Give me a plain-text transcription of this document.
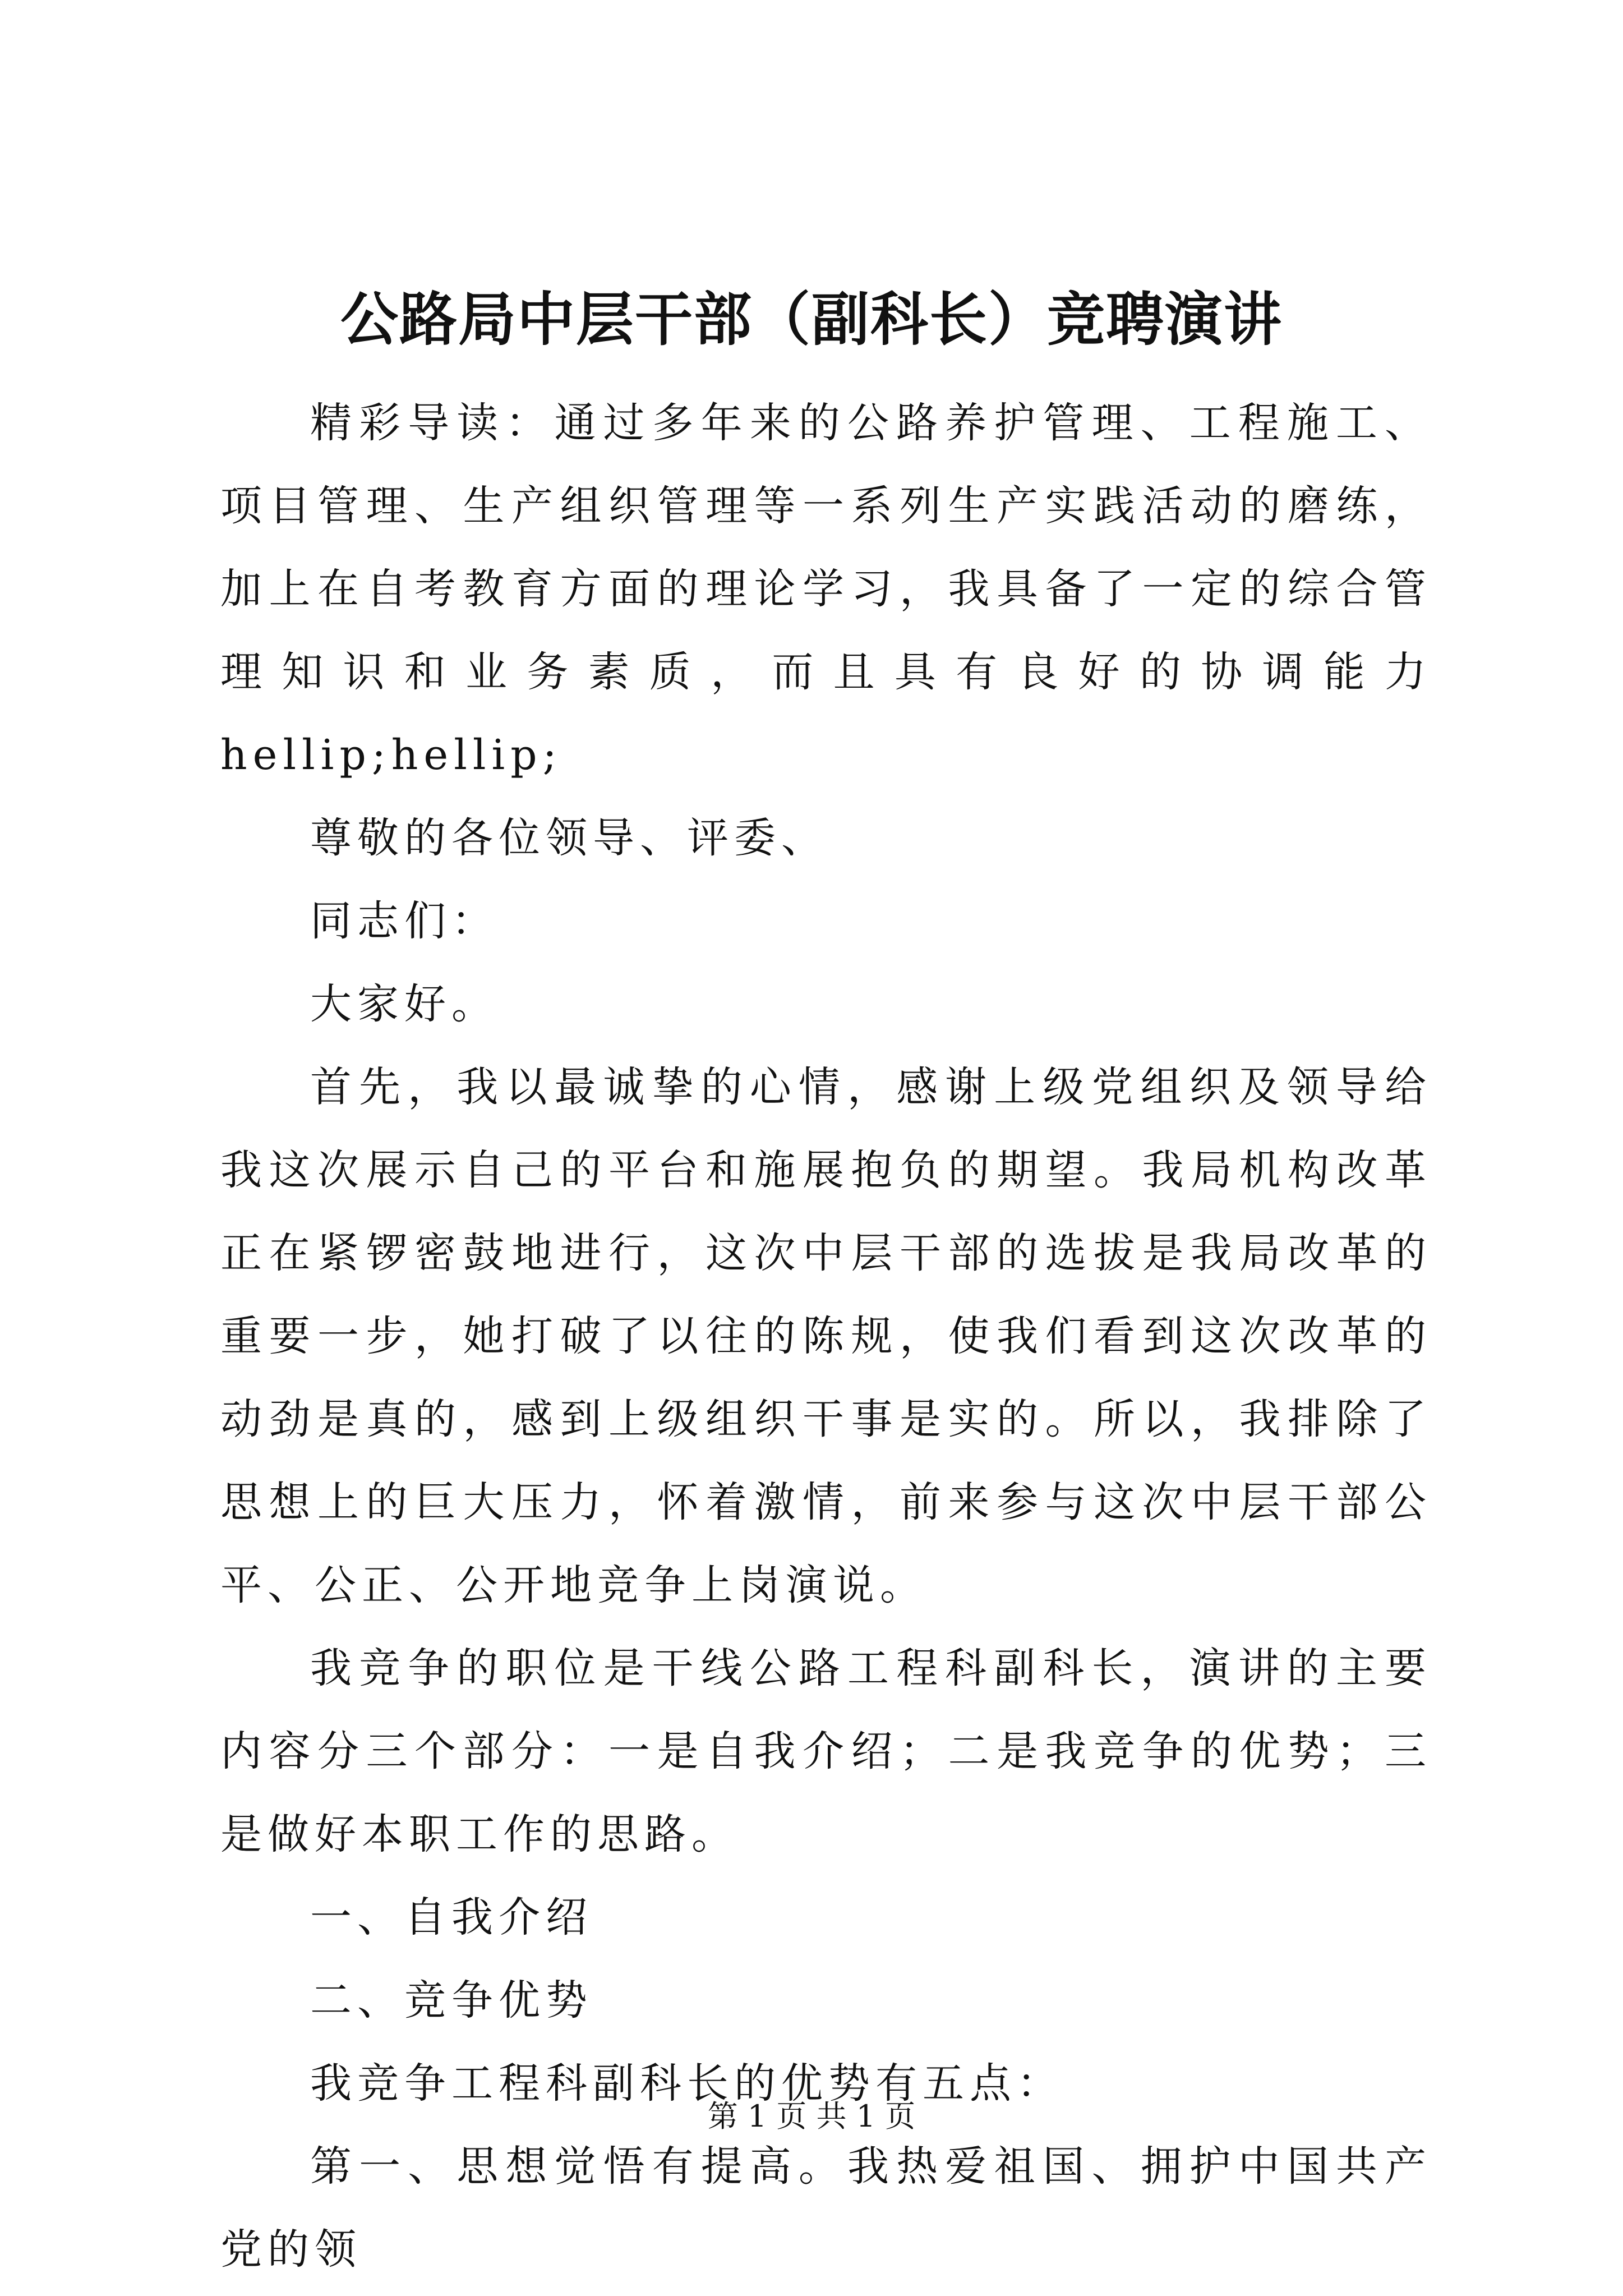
公路局中层干部（副科长）竞聘演讲

精彩导读：通过多年来的公路养护管理、工程施工、项目管理、生产组织管理等一系列生产实践活动的磨练，加上在自考教育方面的理论学习，我具备了一定的综合管理知识和业务素质，而且具有良好的协调能力hellip;hellip;

尊敬的各位领导、评委、

同志们：

大家好。

首先，我以最诚挚的心情，感谢上级党组织及领导给我这次展示自己的平台和施展抱负的期望。我局机构改革正在紧锣密鼓地进行，这次中层干部的选拔是我局改革的重要一步，她打破了以往的陈规，使我们看到这次改革的动劲是真的，感到上级组织干事是实的。所以，我排除了思想上的巨大压力，怀着激情，前来参与这次中层干部公平、公正、公开地竞争上岗演说。

我竞争的职位是干线公路工程科副科长，演讲的主要内容分三个部分：一是自我介绍；二是我竞争的优势；三是做好本职工作的思路。

一、自我介绍

二、竞争优势

我竞争工程科副科长的优势有五点：

第一、思想觉悟有提高。我热爱祖国、拥护中国共产党的领

第 1 页 共 1 页
